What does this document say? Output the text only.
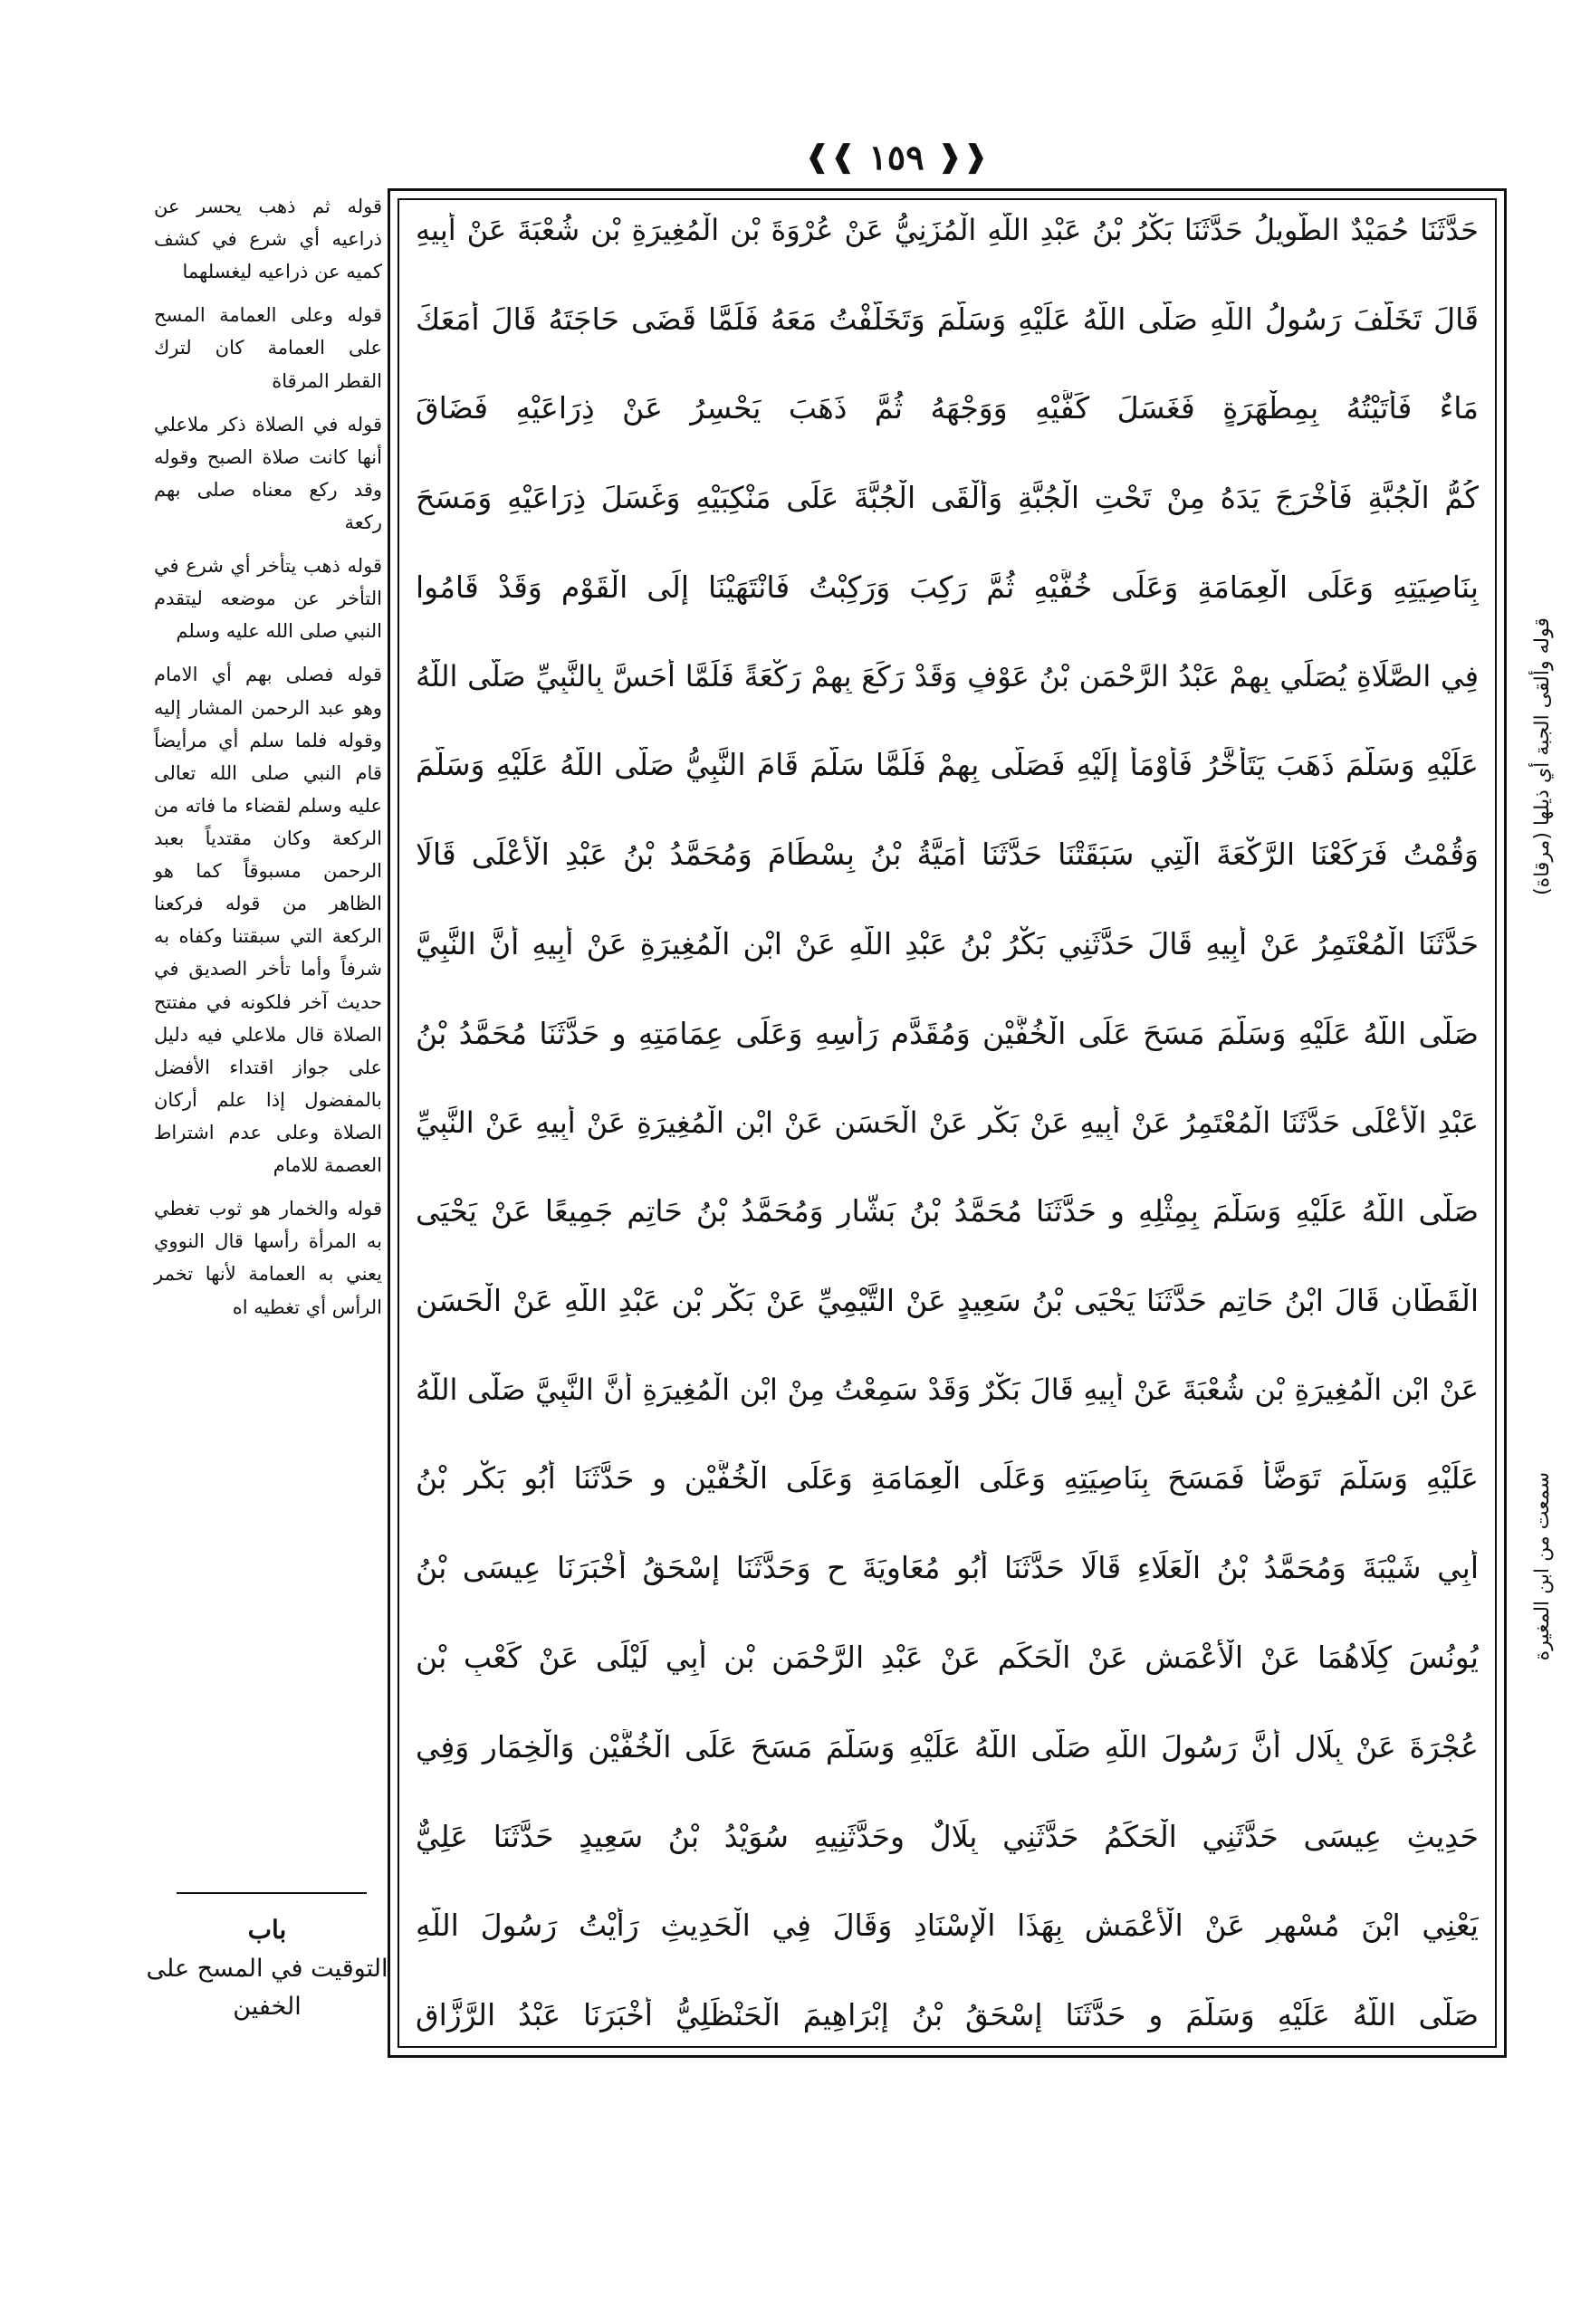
❰❰ ١٥٩ ❱❱
حَدَّثَنَا حُمَيْدٌ الطَّوِيلُ حَدَّثَنَا بَكْرُ بْنُ عَبْدِ اللَّهِ الْمُزَنِيُّ عَنْ عُرْوَةَ بْنِ الْمُغِيرَةِ بْنِ شُعْبَةَ عَنْ أَبِيهِ
قَالَ تَخَلَّفَ رَسُولُ اللَّهِ صَلَّى اللَّهُ عَلَيْهِ وَسَلَّمَ وَتَخَلَّفْتُ مَعَهُ فَلَمَّا قَضَى حَاجَتَهُ قَالَ أَمَعَكَ
مَاءٌ فَأَتَيْتُهُ بِمِطْهَرَةٍ فَغَسَلَ كَفَّيْهِ وَوَجْهَهُ ثُمَّ ذَهَبَ يَحْسِرُ عَنْ ذِرَاعَيْهِ فَضَاقَ
كُمُّ الْجُبَّةِ فَأَخْرَجَ يَدَهُ مِنْ تَحْتِ الْجُبَّةِ وَأَلْقَى الْجُبَّةَ عَلَى مَنْكِبَيْهِ وَغَسَلَ ذِرَاعَيْهِ وَمَسَحَ
بِنَاصِيَتِهِ وَعَلَى الْعِمَامَةِ وَعَلَى خُفَّيْهِ ثُمَّ رَكِبَ وَرَكِبْتُ فَانْتَهَيْنَا إِلَى الْقَوْمِ وَقَدْ قَامُوا
فِي الصَّلَاةِ يُصَلِّي بِهِمْ عَبْدُ الرَّحْمَنِ بْنُ عَوْفٍ وَقَدْ رَكَعَ بِهِمْ رَكْعَةً فَلَمَّا أَحَسَّ بِالنَّبِيِّ صَلَّى اللَّهُ
عَلَيْهِ وَسَلَّمَ ذَهَبَ يَتَأَخَّرُ فَأَوْمَأَ إِلَيْهِ فَصَلَّى بِهِمْ فَلَمَّا سَلَّمَ قَامَ النَّبِيُّ صَلَّى اللَّهُ عَلَيْهِ وَسَلَّمَ
وَقُمْتُ فَرَكَعْنَا الرَّكْعَةَ الَّتِي سَبَقَتْنَا حَدَّثَنَا أُمَيَّةُ بْنُ بِسْطَامَ وَمُحَمَّدُ بْنُ عَبْدِ الْأَعْلَى قَالَا
حَدَّثَنَا الْمُعْتَمِرُ عَنْ أَبِيهِ قَالَ حَدَّثَنِي بَكْرُ بْنُ عَبْدِ اللَّهِ عَنْ ابْنِ الْمُغِيرَةِ عَنْ أَبِيهِ أَنَّ النَّبِيَّ
صَلَّى اللَّهُ عَلَيْهِ وَسَلَّمَ مَسَحَ عَلَى الْخُفَّيْنِ وَمُقَدَّمِ رَأْسِهِ وَعَلَى عِمَامَتِهِ و حَدَّثَنَا مُحَمَّدُ بْنُ
عَبْدِ الْأَعْلَى حَدَّثَنَا الْمُعْتَمِرُ عَنْ أَبِيهِ عَنْ بَكْرٍ عَنْ الْحَسَنِ عَنْ ابْنِ الْمُغِيرَةِ عَنْ أَبِيهِ عَنْ النَّبِيِّ
صَلَّى اللَّهُ عَلَيْهِ وَسَلَّمَ بِمِثْلِهِ و حَدَّثَنَا مُحَمَّدُ بْنُ بَشَّارٍ وَمُحَمَّدُ بْنُ حَاتِمٍ جَمِيعًا عَنْ يَحْيَى
الْقَطَّانِ قَالَ ابْنُ حَاتِمٍ حَدَّثَنَا يَحْيَى بْنُ سَعِيدٍ عَنْ التَّيْمِيِّ عَنْ بَكْرِ بْنِ عَبْدِ اللَّهِ عَنْ الْحَسَنِ
عَنْ ابْنِ الْمُغِيرَةِ بْنِ شُعْبَةَ عَنْ أَبِيهِ قَالَ بَكْرٌ وَقَدْ سَمِعْتُ مِنْ ابْنِ الْمُغِيرَةِ أَنَّ النَّبِيَّ صَلَّى اللَّهُ
عَلَيْهِ وَسَلَّمَ تَوَضَّأَ فَمَسَحَ بِنَاصِيَتِهِ وَعَلَى الْعِمَامَةِ وَعَلَى الْخُفَّيْنِ و حَدَّثَنَا أَبُو بَكْرِ بْنُ
أَبِي شَيْبَةَ وَمُحَمَّدُ بْنُ الْعَلَاءِ قَالَا حَدَّثَنَا أَبُو مُعَاوِيَةَ ح وَحَدَّثَنَا إِسْحَقُ أَخْبَرَنَا عِيسَى بْنُ
يُونُسَ كِلَاهُمَا عَنْ الْأَعْمَشِ عَنْ الْحَكَمِ عَنْ عَبْدِ الرَّحْمَنِ بْنِ أَبِي لَيْلَى عَنْ كَعْبِ بْنِ
عُجْرَةَ عَنْ بِلَالٍ أَنَّ رَسُولَ اللَّهِ صَلَّى اللَّهُ عَلَيْهِ وَسَلَّمَ مَسَحَ عَلَى الْخُفَّيْنِ وَالْخِمَارِ وَفِي
حَدِيثِ عِيسَى حَدَّثَنِي الْحَكَمُ حَدَّثَنِي بِلَالٌ وحَدَّثَنِيهِ سُوَيْدُ بْنُ سَعِيدٍ حَدَّثَنَا عَلِيٌّ
يَعْنِي ابْنَ مُسْهِرٍ عَنْ الْأَعْمَشِ بِهَذَا الْإِسْنَادِ وَقَالَ فِي الْحَدِيثِ رَأَيْتُ رَسُولَ اللَّهِ
صَلَّى اللَّهُ عَلَيْهِ وَسَلَّمَ و حَدَّثَنَا إِسْحَقُ بْنُ إِبْرَاهِيمَ الْحَنْظَلِيُّ أَخْبَرَنَا عَبْدُ الرَّزَّاقِ
قوله ثم ذهب يحسر عن ذراعيه أي شرع في كشف كميه عن ذراعيه ليغسلهما
قوله وعلى العمامة المسح على العمامة كان لترك القطر المرقاة
قوله في الصلاة ذكر ملاعلي أنها كانت صلاة الصبح وقوله وقد ركع معناه صلى بهم ركعة
قوله ذهب يتأخر أي شرع في التأخر عن موضعه ليتقدم النبي صلى الله عليه وسلم
قوله فصلى بهم أي الامام وهو عبد الرحمن المشار إليه وقوله فلما سلم أي مرأيضاً قام النبي صلى الله تعالى عليه وسلم لقضاء ما فاته من الركعة وكان مقتدياً بعبد الرحمن مسبوقاً كما هو الظاهر من قوله فركعنا الركعة التي سبقتنا وكفاه به شرفاً وأما تأخر الصديق في حديث آخر فلكونه في مفتتح الصلاة قال ملاعلي فيه دليل على جواز اقتداء الأفضل بالمفضول إذا علم أركان الصلاة وعلى عدم اشتراط العصمة للامام
قوله والخمار هو ثوب تغطي به المرأة رأسها قال النووي يعني به العمامة لأنها تخمر الرأس أي تغطيه اه
باب
التوقيت في المسح على الخفين
قوله وألقى الجبة أي ذيلها (مرقاة)
سمعت من ابن المغيرة
